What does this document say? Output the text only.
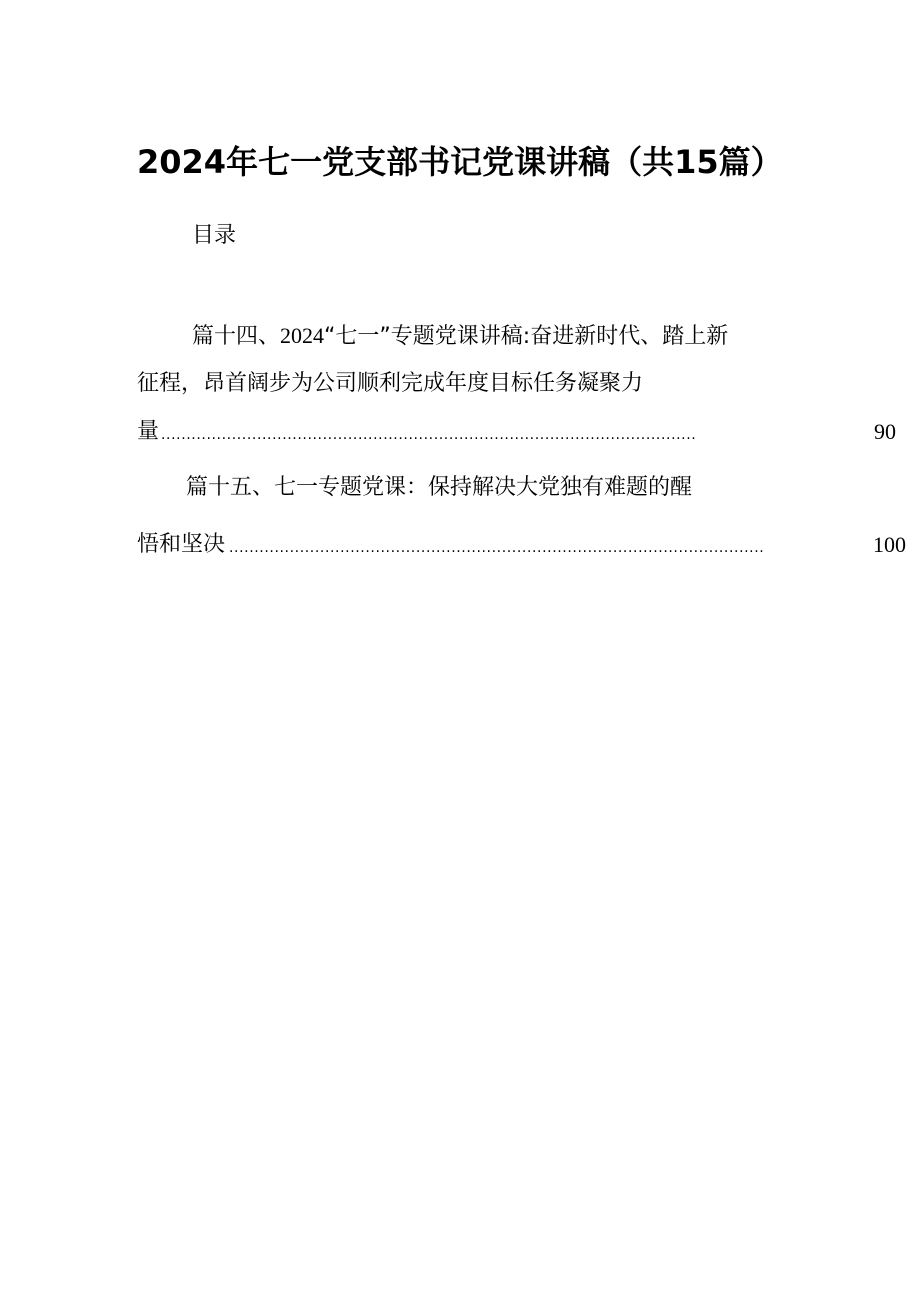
2024年七一党支部书记党课讲稿（共15篇）
目录
篇十四、2024“七一”专题党课讲稿:奋进新时代、踏上新
征程，昂首阔步为公司顺利完成年度目标任务凝聚力
量 ..........................................................................................................	90
篇十五、七一专题党课：保持解决大党独有难题的醒
悟和坚决 ..........................................................................................................	100
